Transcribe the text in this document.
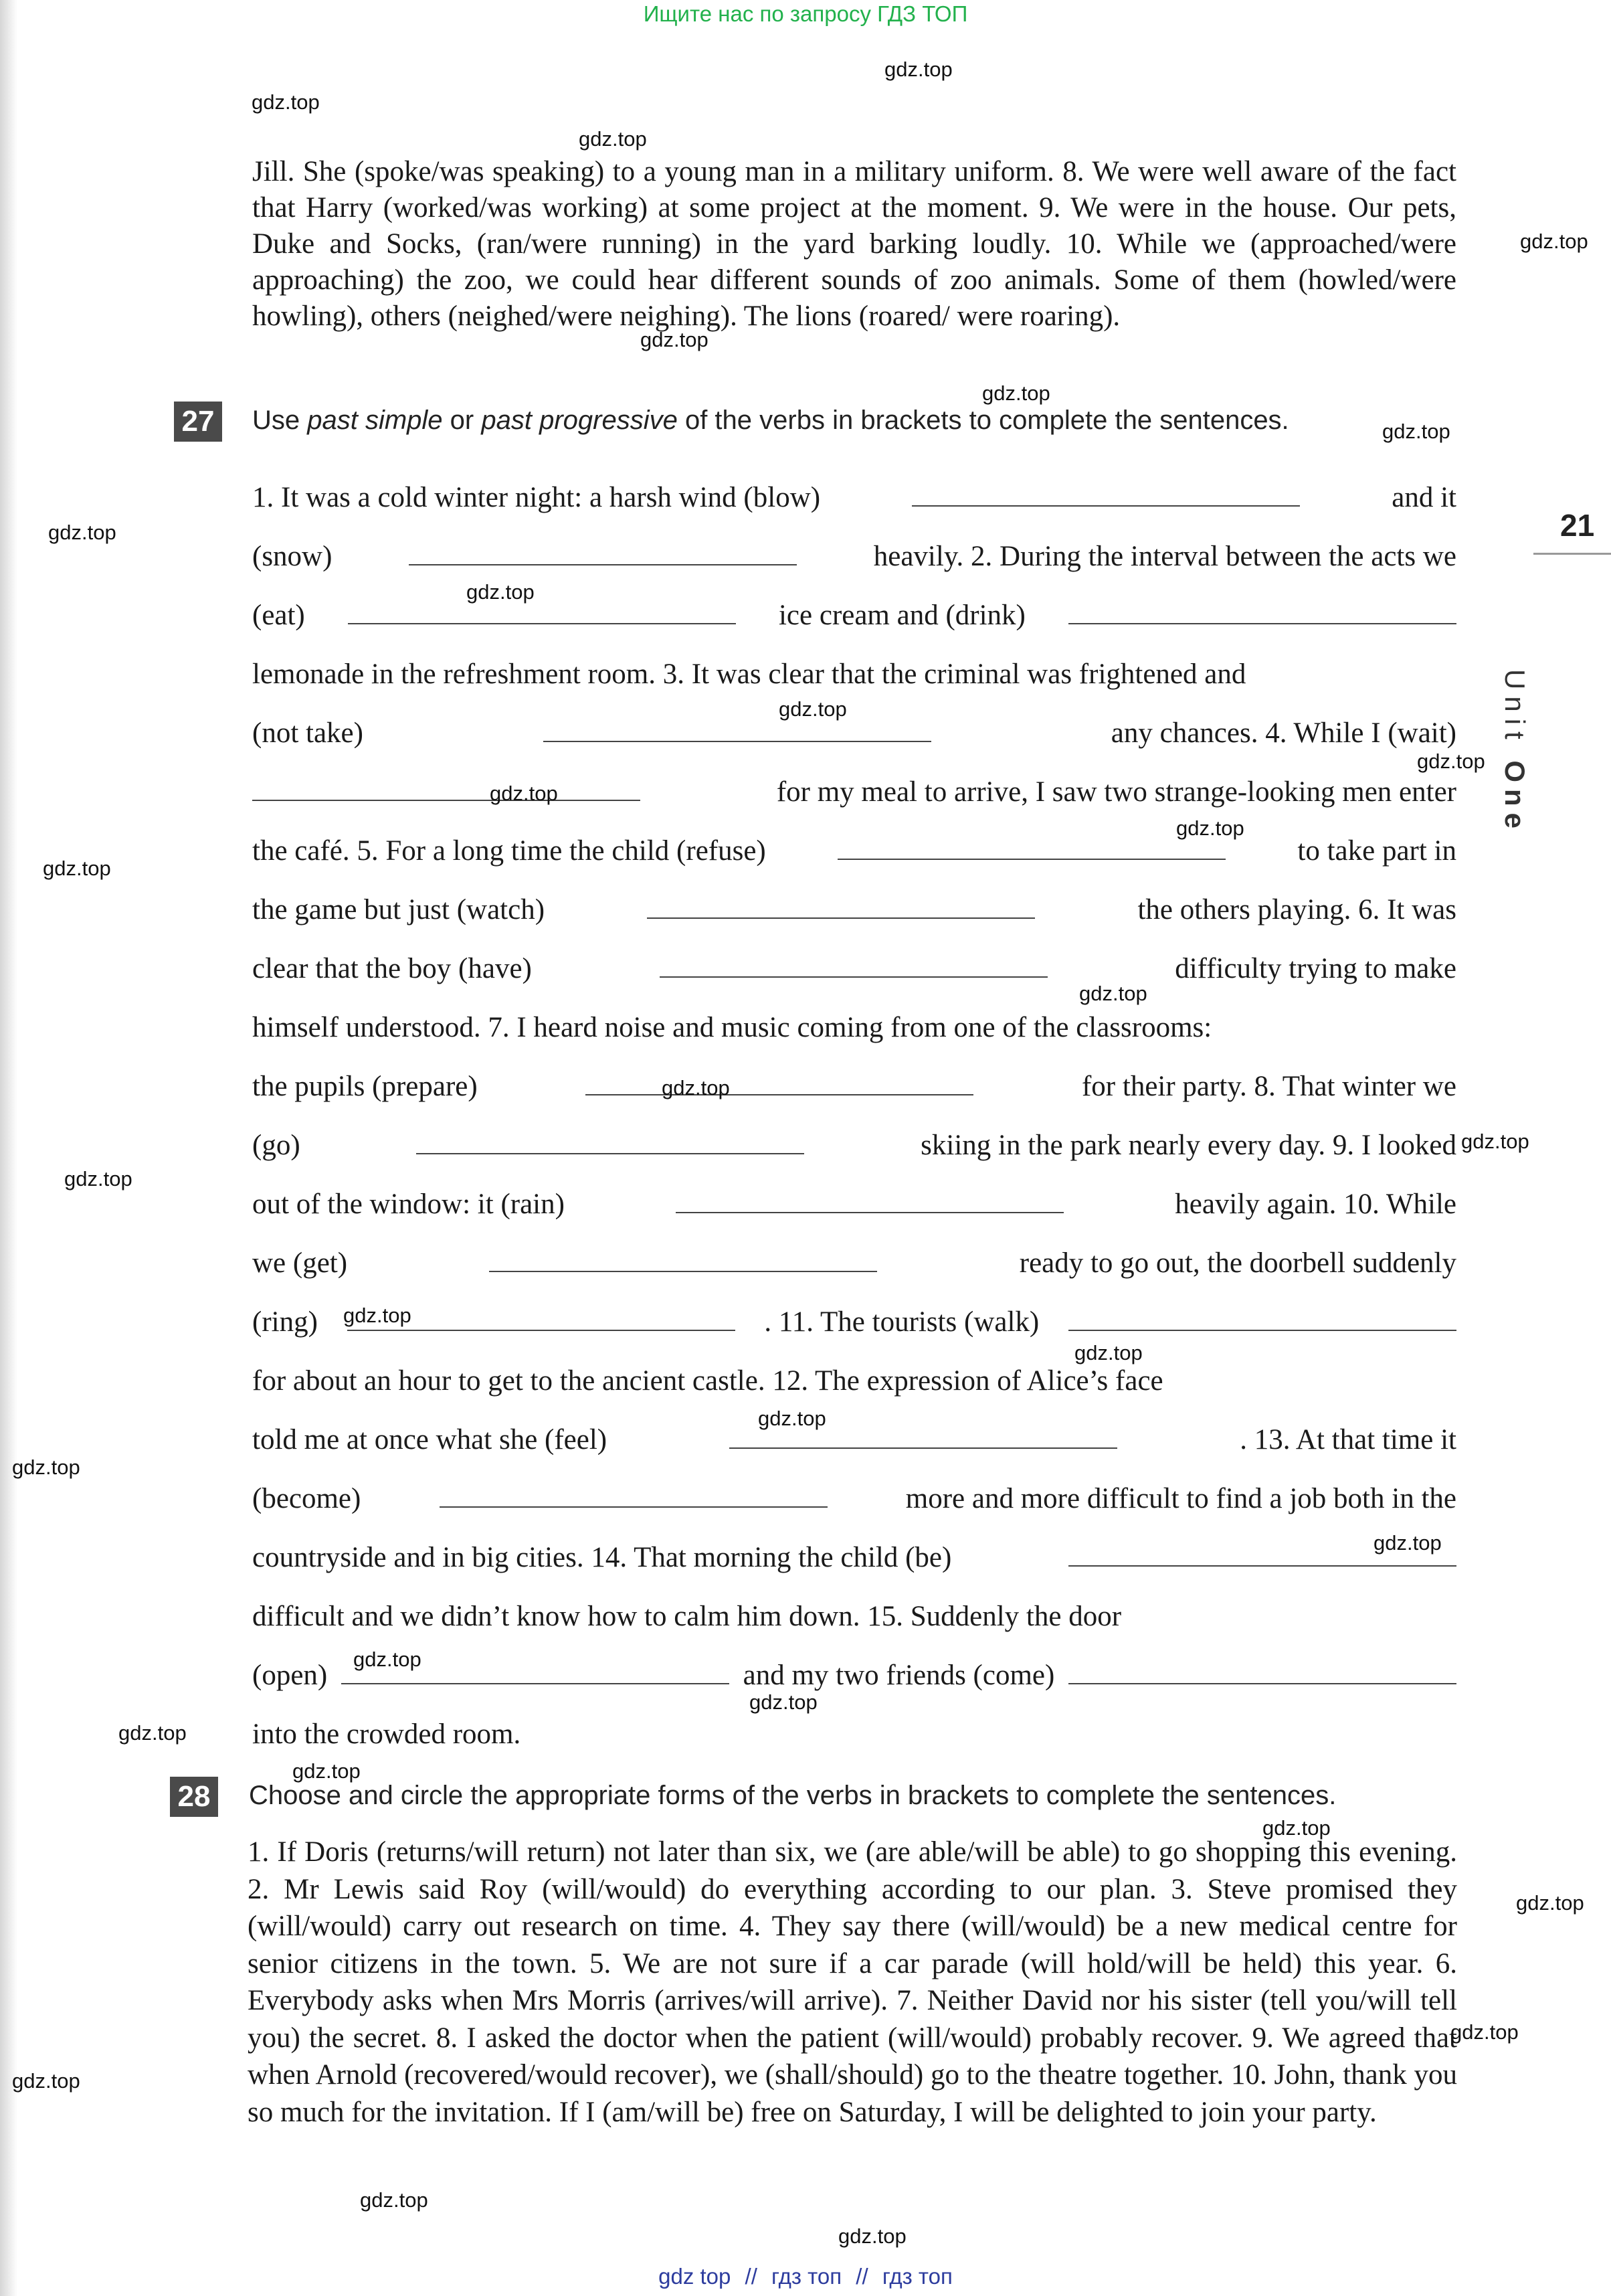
Ищите нас по запросу ГДЗ ТОП
Jill. She (spoke/was speaking) to a young man in a military uniform. 8. We were well aware of the fact that Harry (worked/was working) at some project at the moment. 9. We were in the house. Our pets, Duke and Socks, (ran/were running) in the yard barking loudly. 10. While we (approached/were approaching) the zoo, we could hear different sounds of zoo animals. Some of them (howled/were howling), others (neighed/were neighing). The lions (roared/ were roaring).
27 Use past simple or past progressive of the verbs in brackets to complete the sentences.
1. It was a cold winter night: a harsh wind (blow)	and it
(snow)	heavily. 2. During the interval between the acts we
(eat)	ice cream and (drink)
lemonade in the refreshment room. 3. It was clear that the criminal was frightened and
(not take)	any chances. 4. While I (wait)
for my meal to arrive, I saw two strange-looking men enter
the café. 5. For a long time the child (refuse)	to take part in
the game but just (watch)	the others playing. 6. It was
clear that the boy (have)	difficulty trying to make
himself understood. 7. I heard noise and music coming from one of the classrooms:
the pupils (prepare)	for their party. 8. That winter we
(go)	skiing in the park nearly every day. 9. I looked
out of the window: it (rain)	heavily again. 10. While
we (get)	ready to go out, the doorbell suddenly
(ring)	. 11. The tourists (walk)
for about an hour to get to the ancient castle. 12. The expression of Alice’s face
told me at once what she (feel)	. 13. At that time it
(become)	more and more difficult to find a job both in the
countryside and in big cities. 14. That morning the child (be)
difficult and we didn’t know how to calm him down. 15. Suddenly the door
(open)	and my two friends (come)
into the crowded room.
28 Choose and circle the appropriate forms of the verbs in brackets to complete the sentences.
1. If Doris (returns/will return) not later than six, we (are able/will be able) to go shopping this evening. 2. Mr Lewis said Roy (will/would) do everything according to our plan. 3. Steve promised they (will/would) carry out research on time. 4. They say there (will/would) be a new medical centre for senior citizens in the town. 5. We are not sure if a car parade (will hold/will be held) this year. 6. Everybody asks when Mrs Morris (arrives/will arrive). 7. Neither David nor his sister (tell you/will tell you) the secret. 8. I asked the doctor when the patient (will/would) probably recover. 9. We agreed that when Arnold (recovered/would recover), we (shall/should) go to the theatre together. 10. John, thank you so much for the invitation. If I (am/will be) free on Saturday, I will be delighted to join your party.
21
Unit One
gdz.top
gdz.top
gdz.top
gdz.top
gdz.top
gdz.top
gdz.top
gdz.top
gdz.top
gdz.top
gdz.top
gdz.top
gdz.top
gdz.top
gdz.top
gdz.top
gdz.top
gdz.top
gdz.top
gdz.top
gdz.top
gdz.top
gdz.top
gdz.top
gdz.top
gdz.top
gdz.top
gdz.top
gdz.top
gdz.top
gdz.top
gdz.top
gdz.top
gdz top // гдз топ // гдз топ
